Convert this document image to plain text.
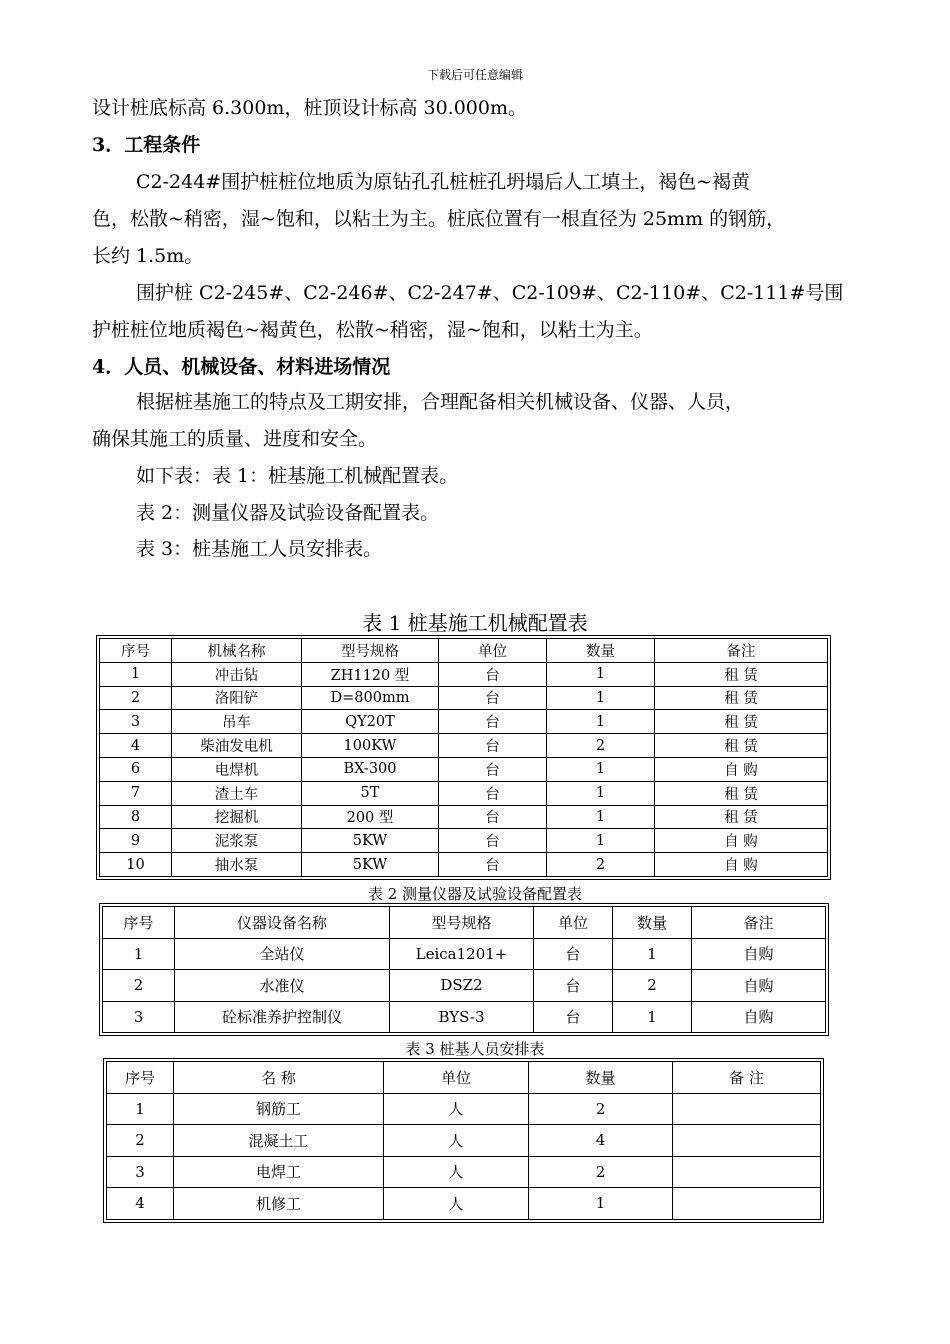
下载后可任意编辑
设计桩底标高 6.300m，桩顶设计标高 30.000m。
3．工程条件
C2-244#围护桩桩位地质为原钻孔孔桩桩孔坍塌后人工填土，褐色~褐黄
色，松散~稍密，湿~饱和，以粘土为主。桩底位置有一根直径为 25mm 的钢筋，
长约 1.5m。
围护桩 C2-245#、C2-246#、C2-247#、C2-109#、C2-110#、C2-111#号围
护桩桩位地质褐色~褐黄色，松散~稍密，湿~饱和，以粘土为主。
4．人员、机械设备、材料进场情况
根据桩基施工的特点及工期安排，合理配备相关机械设备、仪器、人员，
确保其施工的质量、进度和安全。
如下表：表 1：桩基施工机械配置表。
表 2：测量仪器及试验设备配置表。
表 3：桩基施工人员安排表。
表 1 桩基施工机械配置表
序号	机械名称	型号规格	单位	数量	备注
1	冲击钻	ZH1120 型	台	1	租 赁
2	洛阳铲	D=800mm	台	1	租 赁
3	吊车	QY20T	台	1	租 赁
4	柴油发电机	100KW	台	2	租 赁
6	电焊机	BX-300	台	1	自 购
7	渣土车	5T	台	1	租 赁
8	挖掘机	200 型	台	1	租 赁
9	泥浆泵	5KW	台	1	自 购
10	抽水泵	5KW	台	2	自 购
表 2 测量仪器及试验设备配置表
序号	仪器设备名称	型号规格	单位	数量	备注
1	全站仪	Leica1201+	台	1	自购
2	水准仪	DSZ2	台	2	自购
3	砼标准养护控制仪	BYS-3	台	1	自购
表 3 桩基人员安排表
序号	名 称	单位	数量	备 注
1	钢筋工	人	2	
2	混凝土工	人	4	
3	电焊工	人	2	
4	机修工	人	1	
